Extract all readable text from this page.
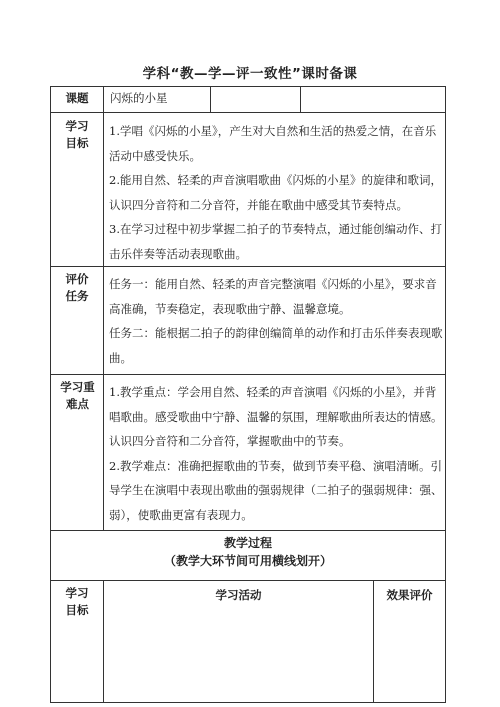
学科“教—学—评一致性”课时备课
课题	闪烁的小星
学习目标

1.学唱《闪烁的小星》，产生对大自然和生活的热爱之情，在音乐活动中感受快乐。

2.能用自然、轻柔的声音演唱歌曲《闪烁的小星》的旋律和歌词，认识四分音符和二分音符，并能在歌曲中感受其节奏特点。

3.在学习过程中初步掌握二拍子的节奏特点，通过能创编动作、打击乐伴奏等活动表现歌曲。

评价任务

任务一：能用自然、轻柔的声音完整演唱《闪烁的小星》，要求音高准确，节奏稳定，表现歌曲宁静、温馨意境。

任务二：能根据二拍子的韵律创编简单的动作和打击乐伴奏表现歌曲。

学习重难点

1.教学重点：学会用自然、轻柔的声音演唱《闪烁的小星》，并背唱歌曲。感受歌曲中宁静、温馨的氛围，理解歌曲所表达的情感。认识四分音符和二分音符，掌握歌曲中的节奏。

2.教学难点：准确把握歌曲的节奏，做到节奏平稳、演唱清晰。引导学生在演唱中表现出歌曲的强弱规律（二拍子的强弱规律：强、弱），使歌曲更富有表现力。

教学过程
（教学大环节间可用横线划开）
学习目标
学习活动	效果评价
